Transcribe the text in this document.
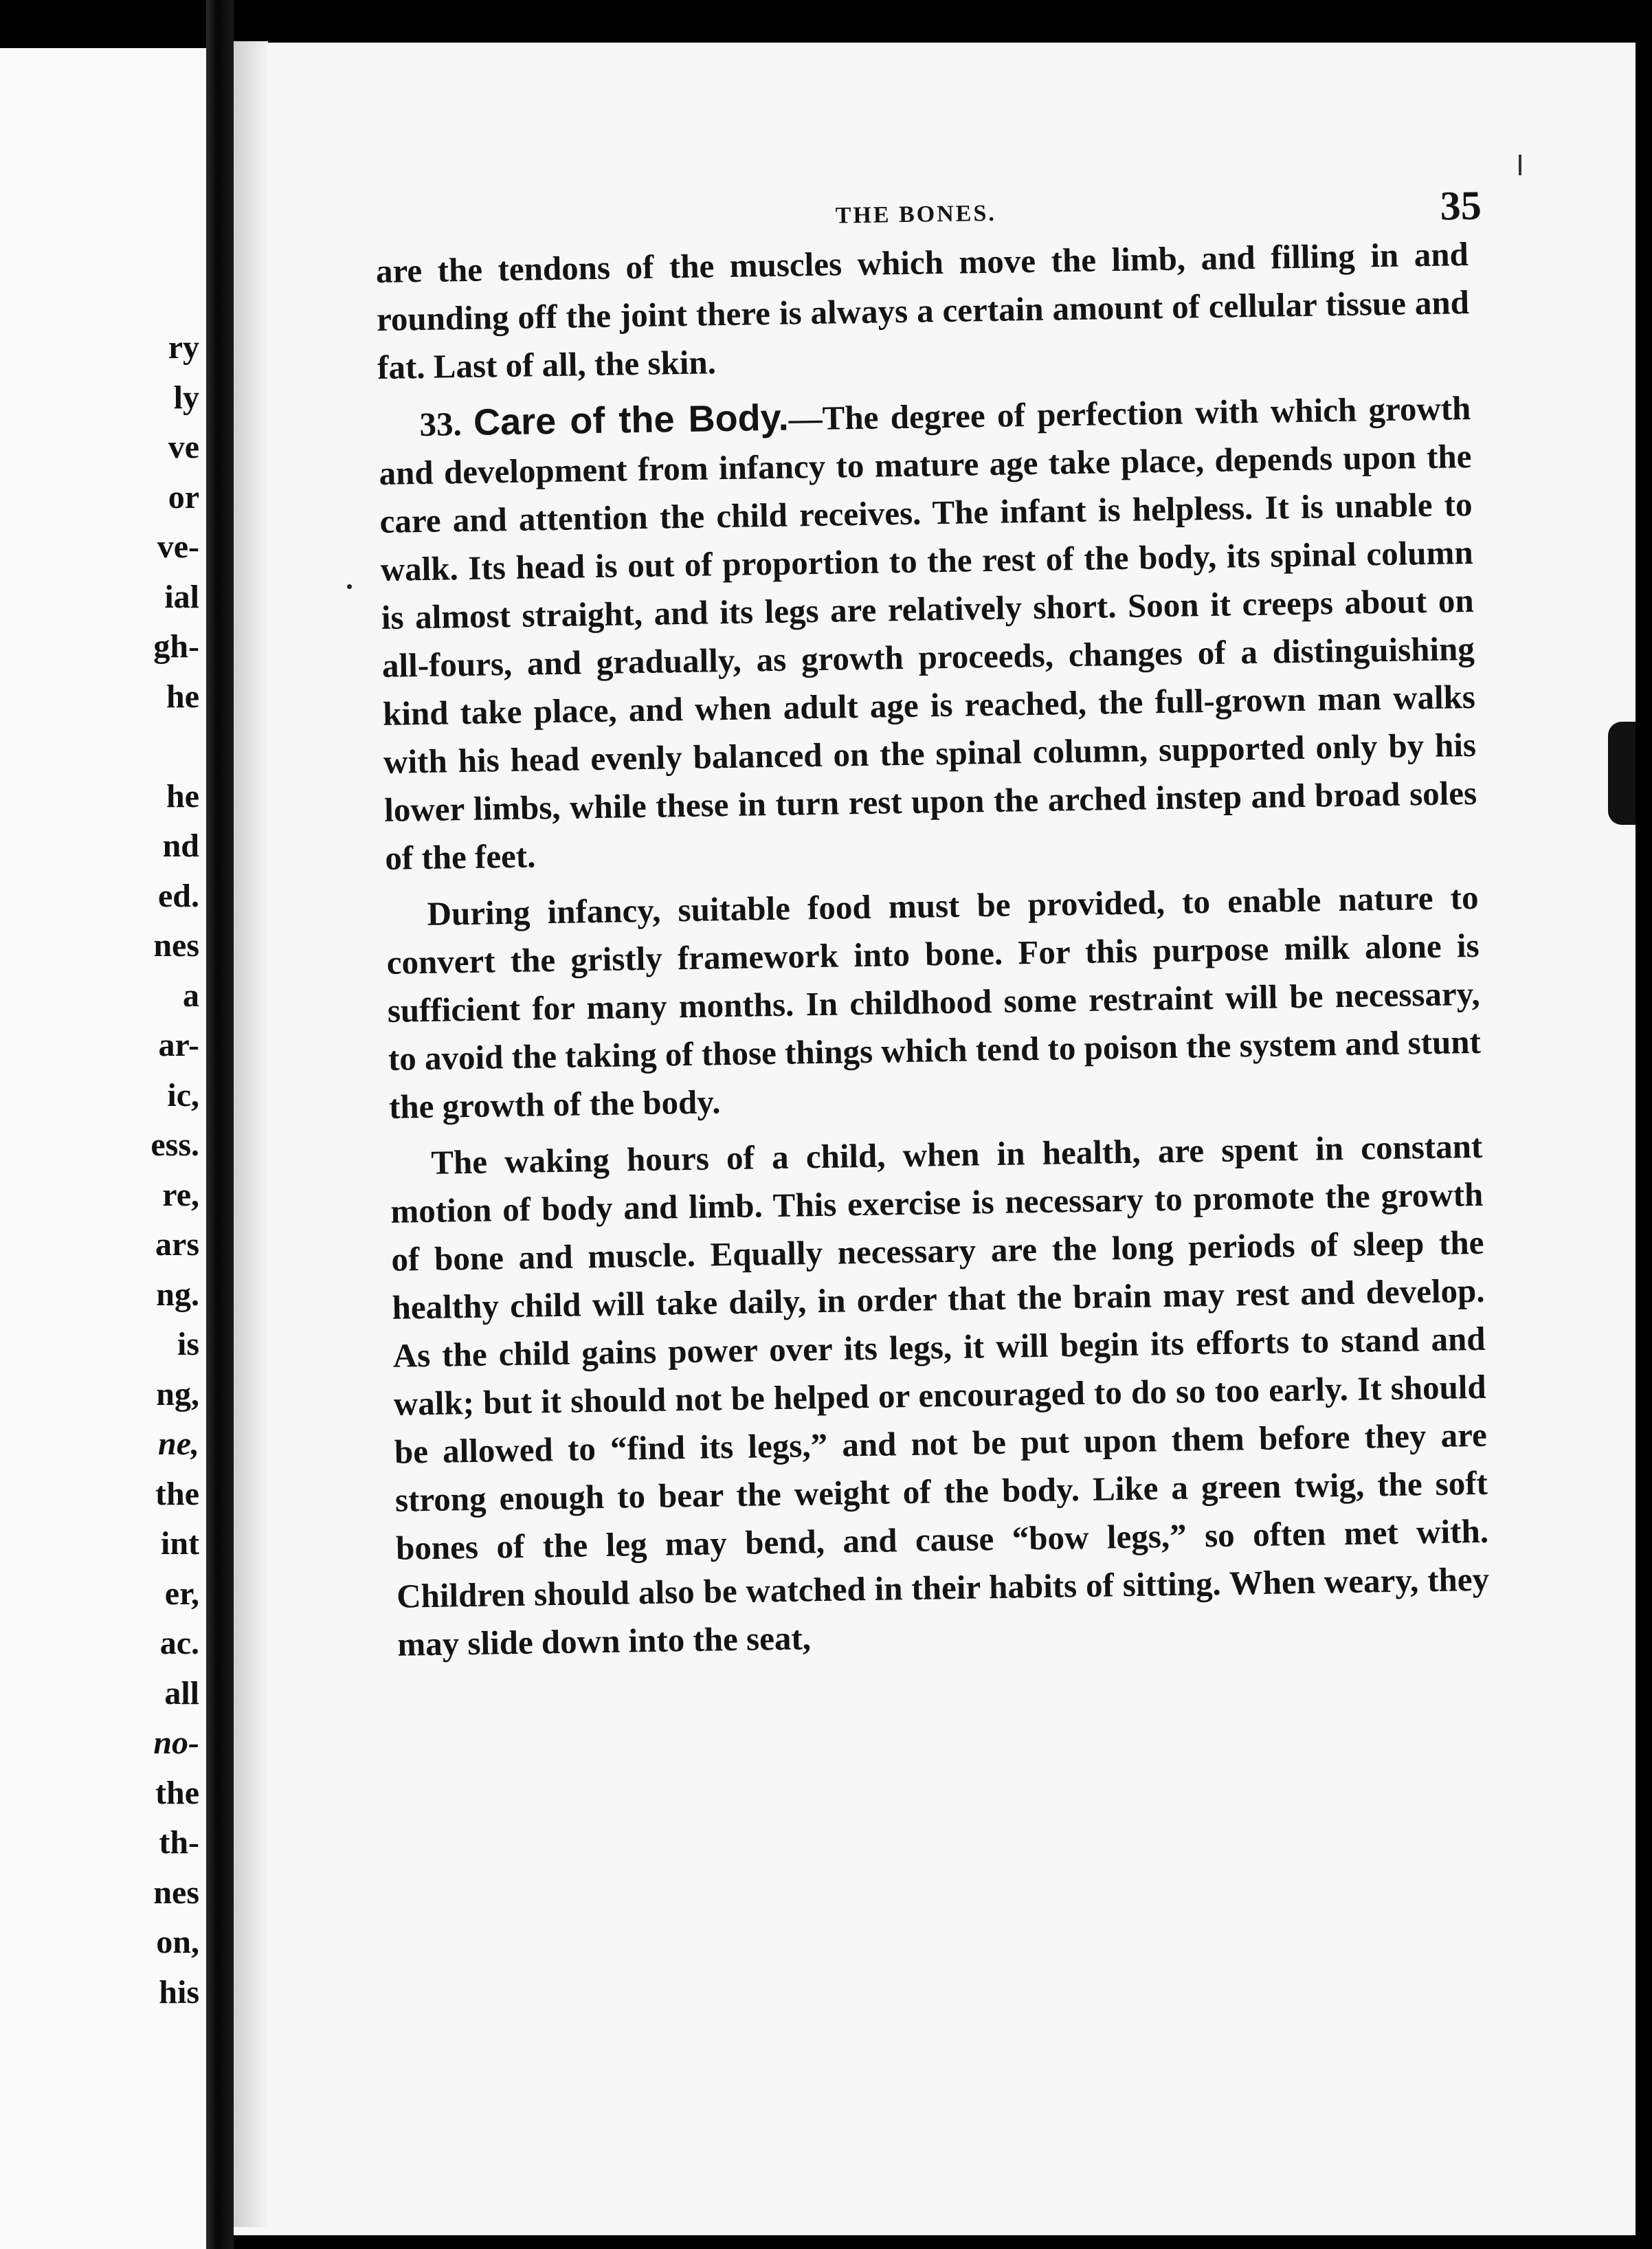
ry
ly
ve
or
ve-
ial
gh-
he
he
nd
ed.
nes
a
ar-
ic,
ess.
re,
ars
ng.
is
ng,
ne,
the
int
er,
ac.
all
no-
the
th-
nes
on,
his
THE BONES.	35

are the tendons of the muscles which move the limb, and filling in and rounding off the joint there is always a certain amount of cellular tissue and fat. Last of all, the skin.

33. Care of the Body.—The degree of perfection with which growth and development from infancy to mature age take place, depends upon the care and attention the child receives. The infant is helpless. It is unable to walk. Its head is out of proportion to the rest of the body, its spinal column is almost straight, and its legs are relatively short. Soon it creeps about on all-fours, and gradually, as growth proceeds, changes of a distinguishing kind take place, and when adult age is reached, the full-grown man walks with his head evenly balanced on the spinal column, supported only by his lower limbs, while these in turn rest upon the arched instep and broad soles of the feet.

During infancy, suitable food must be provided, to enable nature to convert the gristly framework into bone. For this purpose milk alone is sufficient for many months. In childhood some restraint will be necessary, to avoid the taking of those things which tend to poison the system and stunt the growth of the body.

The waking hours of a child, when in health, are spent in constant motion of body and limb. This exercise is necessary to promote the growth of bone and muscle. Equally necessary are the long periods of sleep the healthy child will take daily, in order that the brain may rest and develop. As the child gains power over its legs, it will begin its efforts to stand and walk; but it should not be helped or encouraged to do so too early. It should be allowed to “find its legs,” and not be put upon them before they are strong enough to bear the weight of the body. Like a green twig, the soft bones of the leg may bend, and cause “bow legs,” so often met with. Children should also be watched in their habits of sitting. When weary, they may slide down into the seat,
